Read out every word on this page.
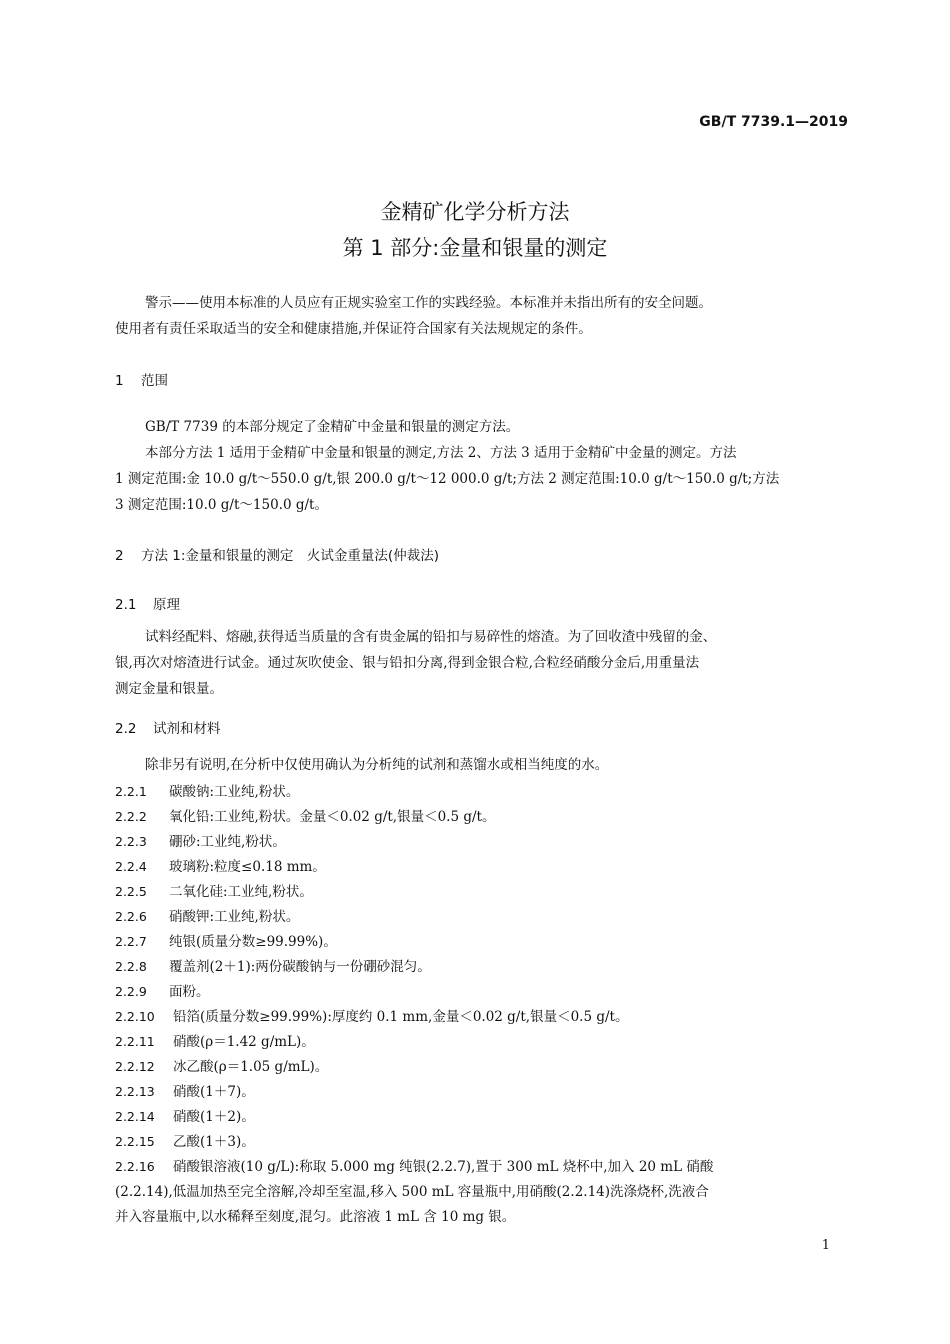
GB/T 7739.1—2019
金精矿化学分析方法
第 1 部分:金量和银量的测定
警示——使用本标准的人员应有正规实验室工作的实践经验。本标准并未指出所有的安全问题。
使用者有责任采取适当的安全和健康措施,并保证符合国家有关法规规定的条件。
1 范围
GB/T 7739 的本部分规定了金精矿中金量和银量的测定方法。
本部分方法 1 适用于金精矿中金量和银量的测定,方法 2、方法 3 适用于金精矿中金量的测定。方法
1 测定范围:金 10.0 g/t～550.0 g/t,银 200.0 g/t～12 000.0 g/t;方法 2 测定范围:10.0 g/t～150.0 g/t;方法
3 测定范围:10.0 g/t～150.0 g/t。
2 方法 1:金量和银量的测定　火试金重量法(仲裁法)
2.1 原理
试料经配料、熔融,获得适当质量的含有贵金属的铅扣与易碎性的熔渣。为了回收渣中残留的金、
银,再次对熔渣进行试金。通过灰吹使金、银与铅扣分离,得到金银合粒,合粒经硝酸分金后,用重量法
测定金量和银量。
2.2 试剂和材料
除非另有说明,在分析中仅使用确认为分析纯的试剂和蒸馏水或相当纯度的水。
2.2.1 碳酸钠:工业纯,粉状。
2.2.2 氧化铅:工业纯,粉状。金量＜0.02 g/t,银量＜0.5 g/t。
2.2.3 硼砂:工业纯,粉状。
2.2.4 玻璃粉:粒度≤0.18 mm。
2.2.5 二氧化硅:工业纯,粉状。
2.2.6 硝酸钾:工业纯,粉状。
2.2.7 纯银(质量分数≥99.99%)。
2.2.8 覆盖剂(2＋1):两份碳酸钠与一份硼砂混匀。
2.2.9 面粉。
2.2.10 铅箔(质量分数≥99.99%):厚度约 0.1 mm,金量＜0.02 g/t,银量＜0.5 g/t。
2.2.11 硝酸(ρ＝1.42 g/mL)。
2.2.12 冰乙酸(ρ＝1.05 g/mL)。
2.2.13 硝酸(1＋7)。
2.2.14 硝酸(1＋2)。
2.2.15 乙酸(1＋3)。
2.2.16 硝酸银溶液(10 g/L):称取 5.000 mg 纯银(2.2.7),置于 300 mL 烧杯中,加入 20 mL 硝酸
(2.2.14),低温加热至完全溶解,冷却至室温,移入 500 mL 容量瓶中,用硝酸(2.2.14)洗涤烧杯,洗液合
并入容量瓶中,以水稀释至刻度,混匀。此溶液 1 mL 含 10 mg 银。
1
